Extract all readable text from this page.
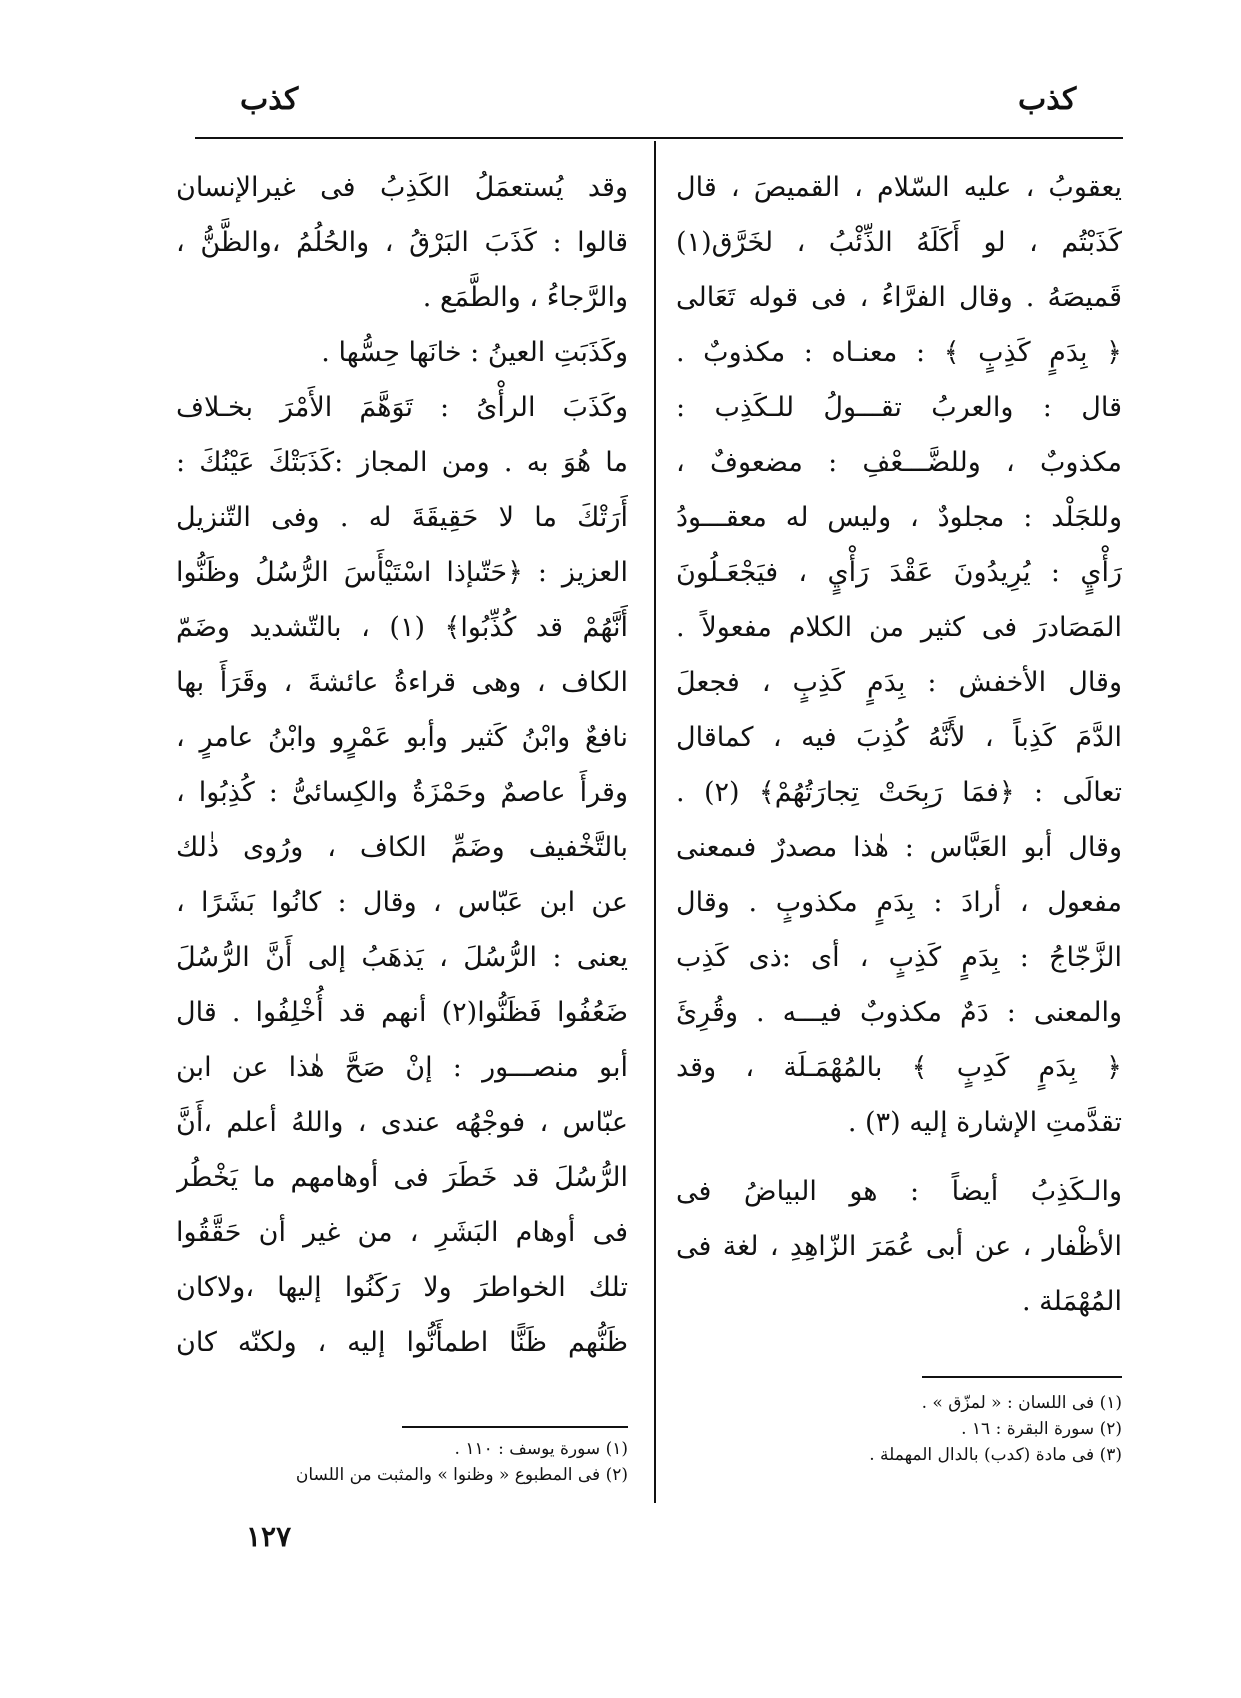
كذب
كذب
يعقوبُ ، عليه السّلام ، القميصَ ، قال
كَذَبْتُم ، لو أَكَلَهُ الذِّئْبُ ، لخَرَّق(١)
قَميصَهُ . وقال الفرَّاءُ ، فى قوله تَعَالى
﴿ بِدَمٍ كَذِبٍ ﴾ : معنـاه : مكذوبٌ .
قال : والعربُ تقـــولُ للـكَذِب :
مكذوبٌ ، وللضَّـــعْفِ : مضعوفٌ ،
وللجَلْد : مجلودٌ ، وليس له معقـــودُ
رَأْيٍ : يُرِيدُونَ عَقْدَ رَأْيٍ ، فيَجْعَـلُونَ
المَصَادرَ فى كثير من الكلام مفعولاً .
وقال الأخفش : بِدَمٍ كَذِبٍ ، فجعلَ
الدَّمَ كَذِباً ، لأَنَّهُ كُذِبَ فيه ، كماقال
تعالَى : ﴿فمَا رَبِحَتْ تِجارَتُهُمْ﴾ (٢) .
وقال أبو العَبَّاس : هٰذا مصدرٌ فىمعنى
مفعول ، أرادَ : بِدَمٍ مكذوبٍ . وقال
الزَّجّاجُ : بِدَمٍ كَذِبٍ ، أى :ذى كَذِب
والمعنى : دَمٌ مكذوبٌ فيـــه . وقُرِئَ
﴿ بِدَمٍ كَدِبٍ ﴾ بالمُهْمَـلَة ، وقد
تقدَّمتِ الإشارة إليه (٣) .
والـكَذِبُ أيضاً : هو البياضُ فى
الأظْفار ، عن أبى عُمَرَ الزّاهِدِ ، لغة فى
المُهْمَلة .
(١) فى اللسان : « لمزّق » .
(٢) سورة البقرة : ١٦ .
(٣) فى مادة (كدب) بالدال المهملة .
وقد يُستعمَلُ الكَذِبُ فى غيرالإنسان
قالوا : كَذَبَ البَرْقُ ، والحُلُمُ ،والظَّنُّ ،
والرَّجاءُ ، والطَّمَع .
وكَذَبَتِ العينُ : خانَها حِسُّها .
وكَذَبَ الرأْىُ : تَوَهَّمَ الأَمْرَ بخـلاف
ما هُوَ به . ومن المجاز :كَذَبَتْكَ عَيْنُكَ :
أَرَتْكَ ما لا حَقِيقَةَ له . وفى التّنزيل
العزيز : ﴿حَتّىإذا اسْتَيْأَسَ الرُّسُلُ وظَنُّوا
أَنَّهُمْ قد كُذِّبُوا﴾ (١) ، بالتّشديد وضَمّ
الكاف ، وهى قراءةُ عائشةَ ، وقَرَأَ بها
نافعٌ وابْنُ كَثير وأبو عَمْرٍو وابْنُ عامرٍ ،
وقرأَ عاصمٌ وحَمْزَةُ والكِسائىُّ : كُذِبُوا ،
بالتَّخْفيف وضَمِّ الكاف ، ورُوى ذٰلك
عن ابن عَبّاس ، وقال : كانُوا بَشَرًا ،
يعنى : الرُّسُلَ ، يَذهَبُ إلى أَنَّ الرُّسُلَ
ضَعُفُوا فَظَنُّوا(٢) أنهم قد أُخْلِفُوا . قال
أبو منصـــور : إنْ صَحَّ هٰذا عن ابن
عبّاس ، فوجْهُه عندى ، واللهُ أعلم ،أَنَّ
الرُّسُلَ قد خَطَرَ فى أوهامهم ما يَخْطُر
فى أوهام البَشَرِ ، من غير أن حَقَّقُوا
تلك الخواطرَ ولا رَكَنُوا إليها ،ولاكان
ظَنُّهم ظَنًّا اطمأَنُّوا إليه ، ولكنّه كان
(١) سورة يوسف : ١١٠ .
(٢) فى المطبوع « وظنوا » والمثبت من اللسان
١٢٧
